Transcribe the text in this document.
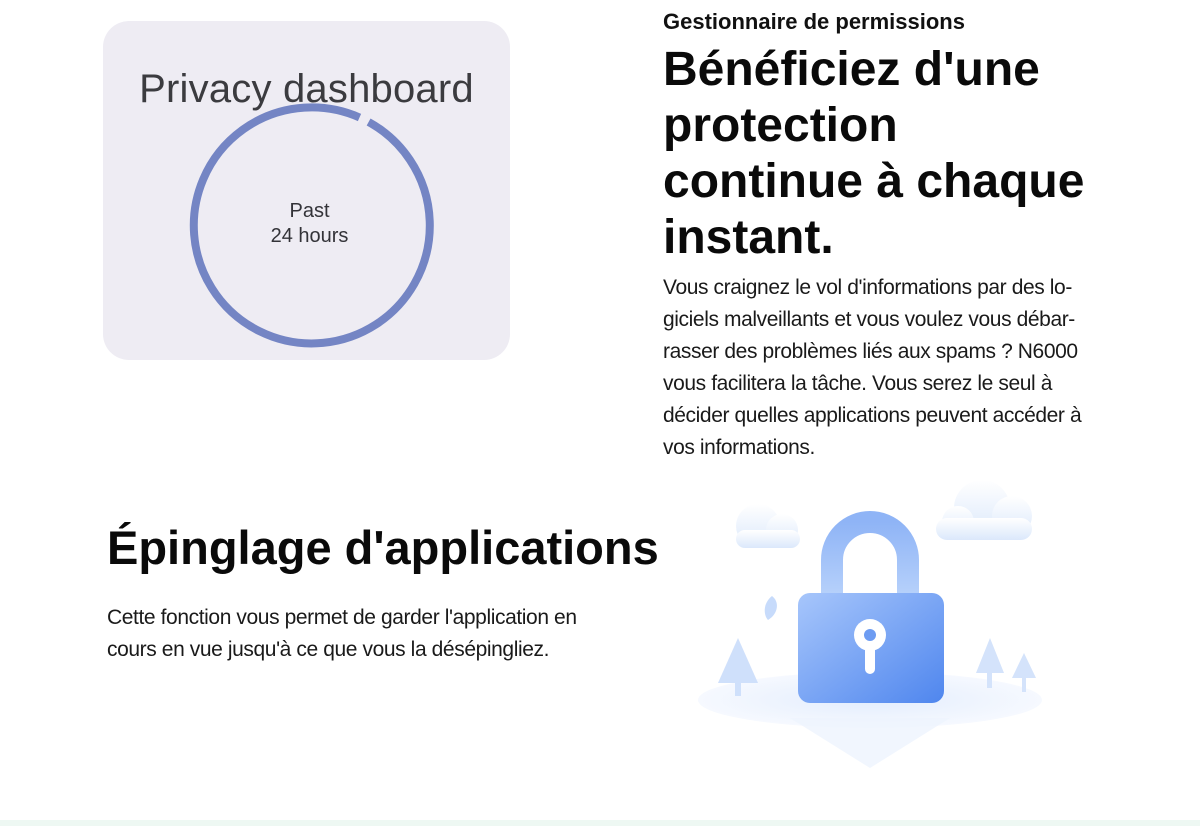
Privacy dashboard
Past
24 hours
Gestionnaire de permissions
Bénéficiez d'une
protection
continue à chaque
instant.
Vous craignez le vol d'informations par des lo-
giciels malveillants et vous voulez vous débar-
rasser des problèmes liés aux spams ? N6000
vous facilitera la tâche. Vous serez le seul à
décider quelles applications peuvent accéder à
vos informations.
Épinglage d'applications
Cette fonction vous permet de garder l'application en
cours en vue jusqu'à ce que vous la désépingliez.
